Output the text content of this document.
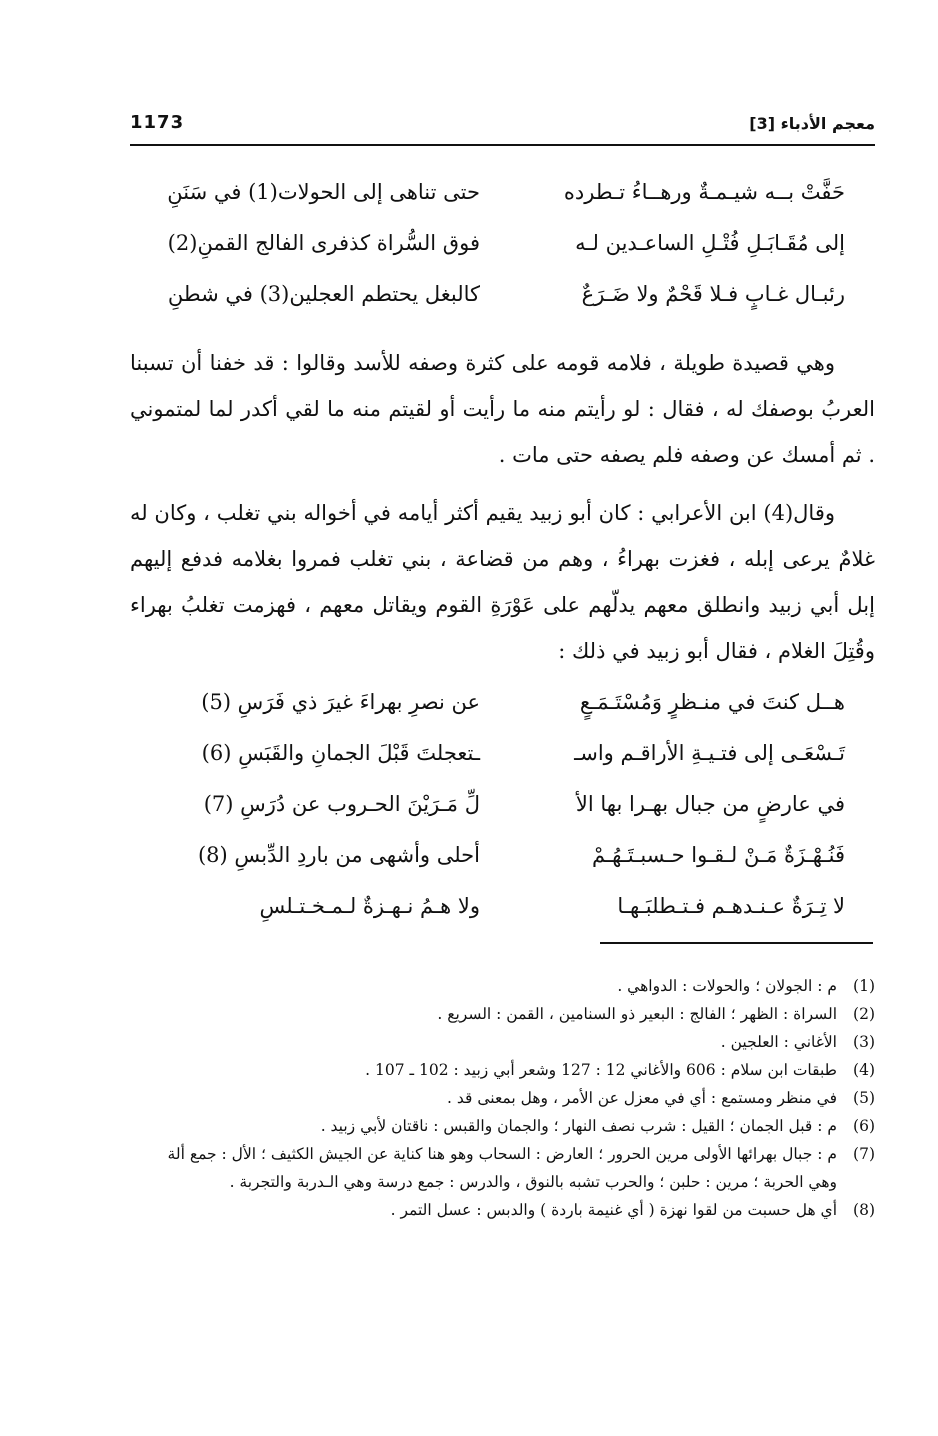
معجم الأدباء [3]
1173
حَفَّتْ بــه شيـمـةٌ ورهــاءُ تـطرده
حتى تناهى إلى الحولات(1) في سَنَنِ
إلى مُقَـابَـلِ فُتْـلِ الساعـدين لـه
فوق السُّراة كذفرى الفالج القمنِ(2)
رئبـال غـابٍ فـلا قَحْمٌ ولا ضَـرَعٌ
كالبغل يحتطم العجلين(3) في شطنِ

وهي قصيدة طويلة ، فلامه قومه على كثرة وصفه للأسد وقالوا : قد خفنا أن تسبنا العربُ بوصفك له ، فقال : لو رأيتم منه ما رأيت أو لقيتم منه ما لقي أكدر لما لمتموني . ثم أمسك عن وصفه فلم يصفه حتى مات .

وقال(4) ابن الأعرابي : كان أبو زبيد يقيم أكثر أيامه في أخواله بني تغلب ، وكان له غلامٌ يرعى إبله ، فغزت بهراءُ ، وهم من قضاعة ، بني تغلب فمروا بغلامه فدفع إليهم إبل أبي زبيد وانطلق معهم يدلّهم على عَوْرَةِ القوم ويقاتل معهم ، فهزمت تغلبُ بهراء وقُتِلَ الغلام ، فقال أبو زبيد في ذلك :

هــل كنتَ في منـظرٍ وَمُسْتَـمَـعٍ
عن نصرِ بهراءَ غيرَ ذي فَرَسِ (5)
تَـسْعَـى إلى فتـيـةِ الأراقـم واسـ
ـتعجلتَ قَبْلَ الجمانِ والقَبَسِ (6)
في عارضٍ من جبال بهـرا بها الأ
لِّ مَـرَيْنَ الحـروب عن دُرَسِ (7)
فَنُـهْـزَةٌ مَـنْ لـقـوا حـسبـتَـهُـمْ
أحلى وأشهى من باردِ الدِّبسِ (8)
لا تِـرَةٌ عـنـدهـم فـتـطلبَـهـا
ولا هـمُ نـهـزةٌ لـمـخـتـلسِ

(1)
م : الجولان ؛ والحولات : الدواهي .

(2)
السراة : الظهر ؛ الفالج : البعير ذو السنامين ، القمن : السريع .

(3)
الأغاني : العلجين .

(4)
طبقات ابن سلام : 606 والأغاني 12 : 127 وشعر أبي زبيد : 102 ـ 107 .

(5)
في منظر ومستمع : أي في معزل عن الأمر ، وهل بمعنى قد .

(6)
م : قبل الجمان ؛ القيل : شرب نصف النهار ؛ والجمان والقبس : ناقتان لأبي زبيد .

(7)
م : جبال بهرائها الأولى مرين الحرور ؛ العارض : السحاب وهو هنا كناية عن الجيش الكثيف ؛ الأل : جمع ألة وهي الحربة ؛ مرين : حلبن ؛ والحرب تشبه بالنوق ، والدرس : جمع درسة وهي الـدربة والتجربة .

(8)
أي هل حسبت من لقوا نهزة ( أي غنيمة باردة ) والدبس : عسل التمر .
